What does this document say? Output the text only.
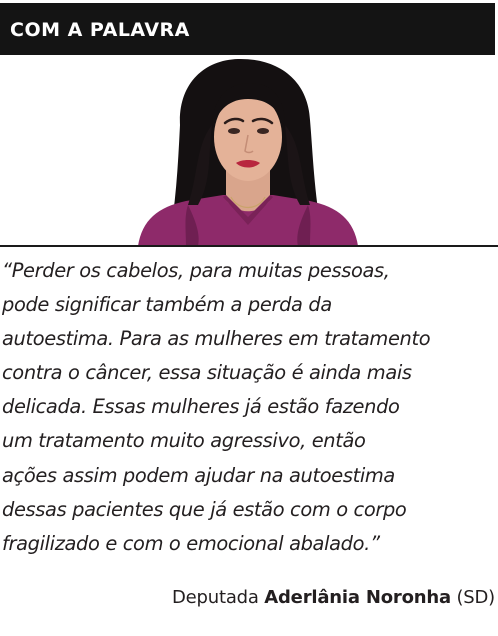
COM A PALAVRA

“Perder os cabelos, para muitas pessoas,
pode significar também a perda da
autoestima. Para as mulheres em tratamento
contra o câncer, essa situação é ainda mais
delicada. Essas mulheres já estão fazendo
um tratamento muito agressivo, então
ações assim podem ajudar na autoestima
dessas pacientes que já estão com o corpo
fragilizado e com o emocional abalado.”

Deputada Aderlânia Noronha (SD)
